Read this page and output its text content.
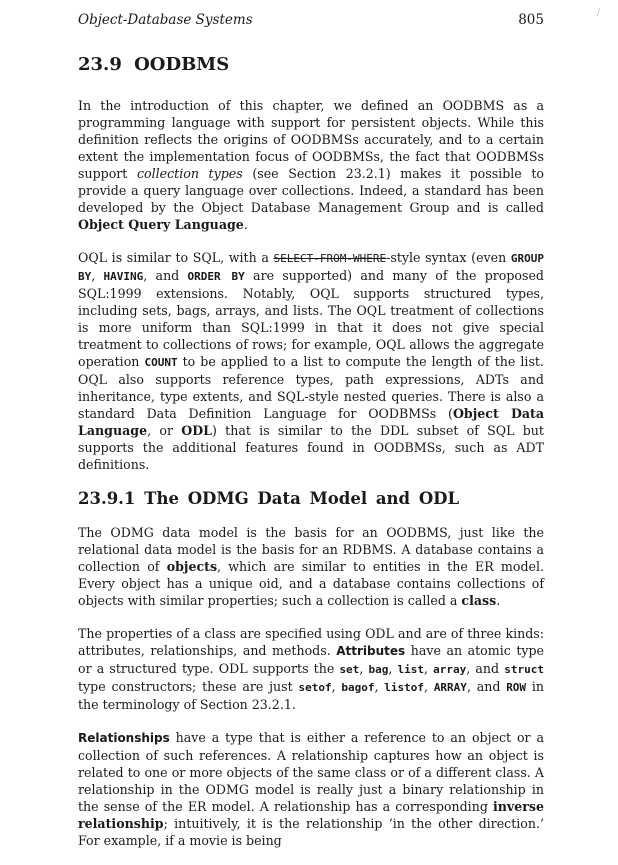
Object-Database Systems	805	/
23.9 OODBMS

In the introduction of this chapter, we defined an OODBMS as a programming language with support for persistent objects. While this definition reflects the origins of OODBMSs accurately, and to a certain extent the implementation focus of OODBMSs, the fact that OODBMSs support collection types (see Section 23.2.1) makes it possible to provide a query language over collections. Indeed, a standard has been developed by the Object Database Management Group and is called Object Query Language.

OQL is similar to SQL, with a SELECT-FROM-WHERE-style syntax (even GROUP BY, HAVING, and ORDER BY are supported) and many of the proposed SQL:1999 extensions. Notably, OQL supports structured types, including sets, bags, arrays, and lists. The OQL treatment of collections is more uniform than SQL:1999 in that it does not give special treatment to collections of rows; for example, OQL allows the aggregate operation COUNT to be applied to a list to compute the length of the list. OQL also supports reference types, path expressions, ADTs and inheritance, type extents, and SQL-style nested queries. There is also a standard Data Definition Language for OODBMSs (Object Data Language, or ODL) that is similar to the DDL subset of SQL but supports the additional features found in OODBMSs, such as ADT definitions.

23.9.1 The ODMG Data Model and ODL

The ODMG data model is the basis for an OODBMS, just like the relational data model is the basis for an RDBMS. A database contains a collection of objects, which are similar to entities in the ER model. Every object has a unique oid, and a database contains collections of objects with similar properties; such a collection is called a class.

The properties of a class are specified using ODL and are of three kinds: attributes, relationships, and methods. Attributes have an atomic type or a structured type. ODL supports the set, bag, list, array, and struct type constructors; these are just setof, bagof, listof, ARRAY, and ROW in the terminology of Section 23.2.1.

Relationships have a type that is either a reference to an object or a collection of such references. A relationship captures how an object is related to one or more objects of the same class or of a different class. A relationship in the ODMG model is really just a binary relationship in the sense of the ER model. A relationship has a corresponding inverse relationship; intuitively, it is the relationship ‘in the other direction.’ For example, if a movie is being
